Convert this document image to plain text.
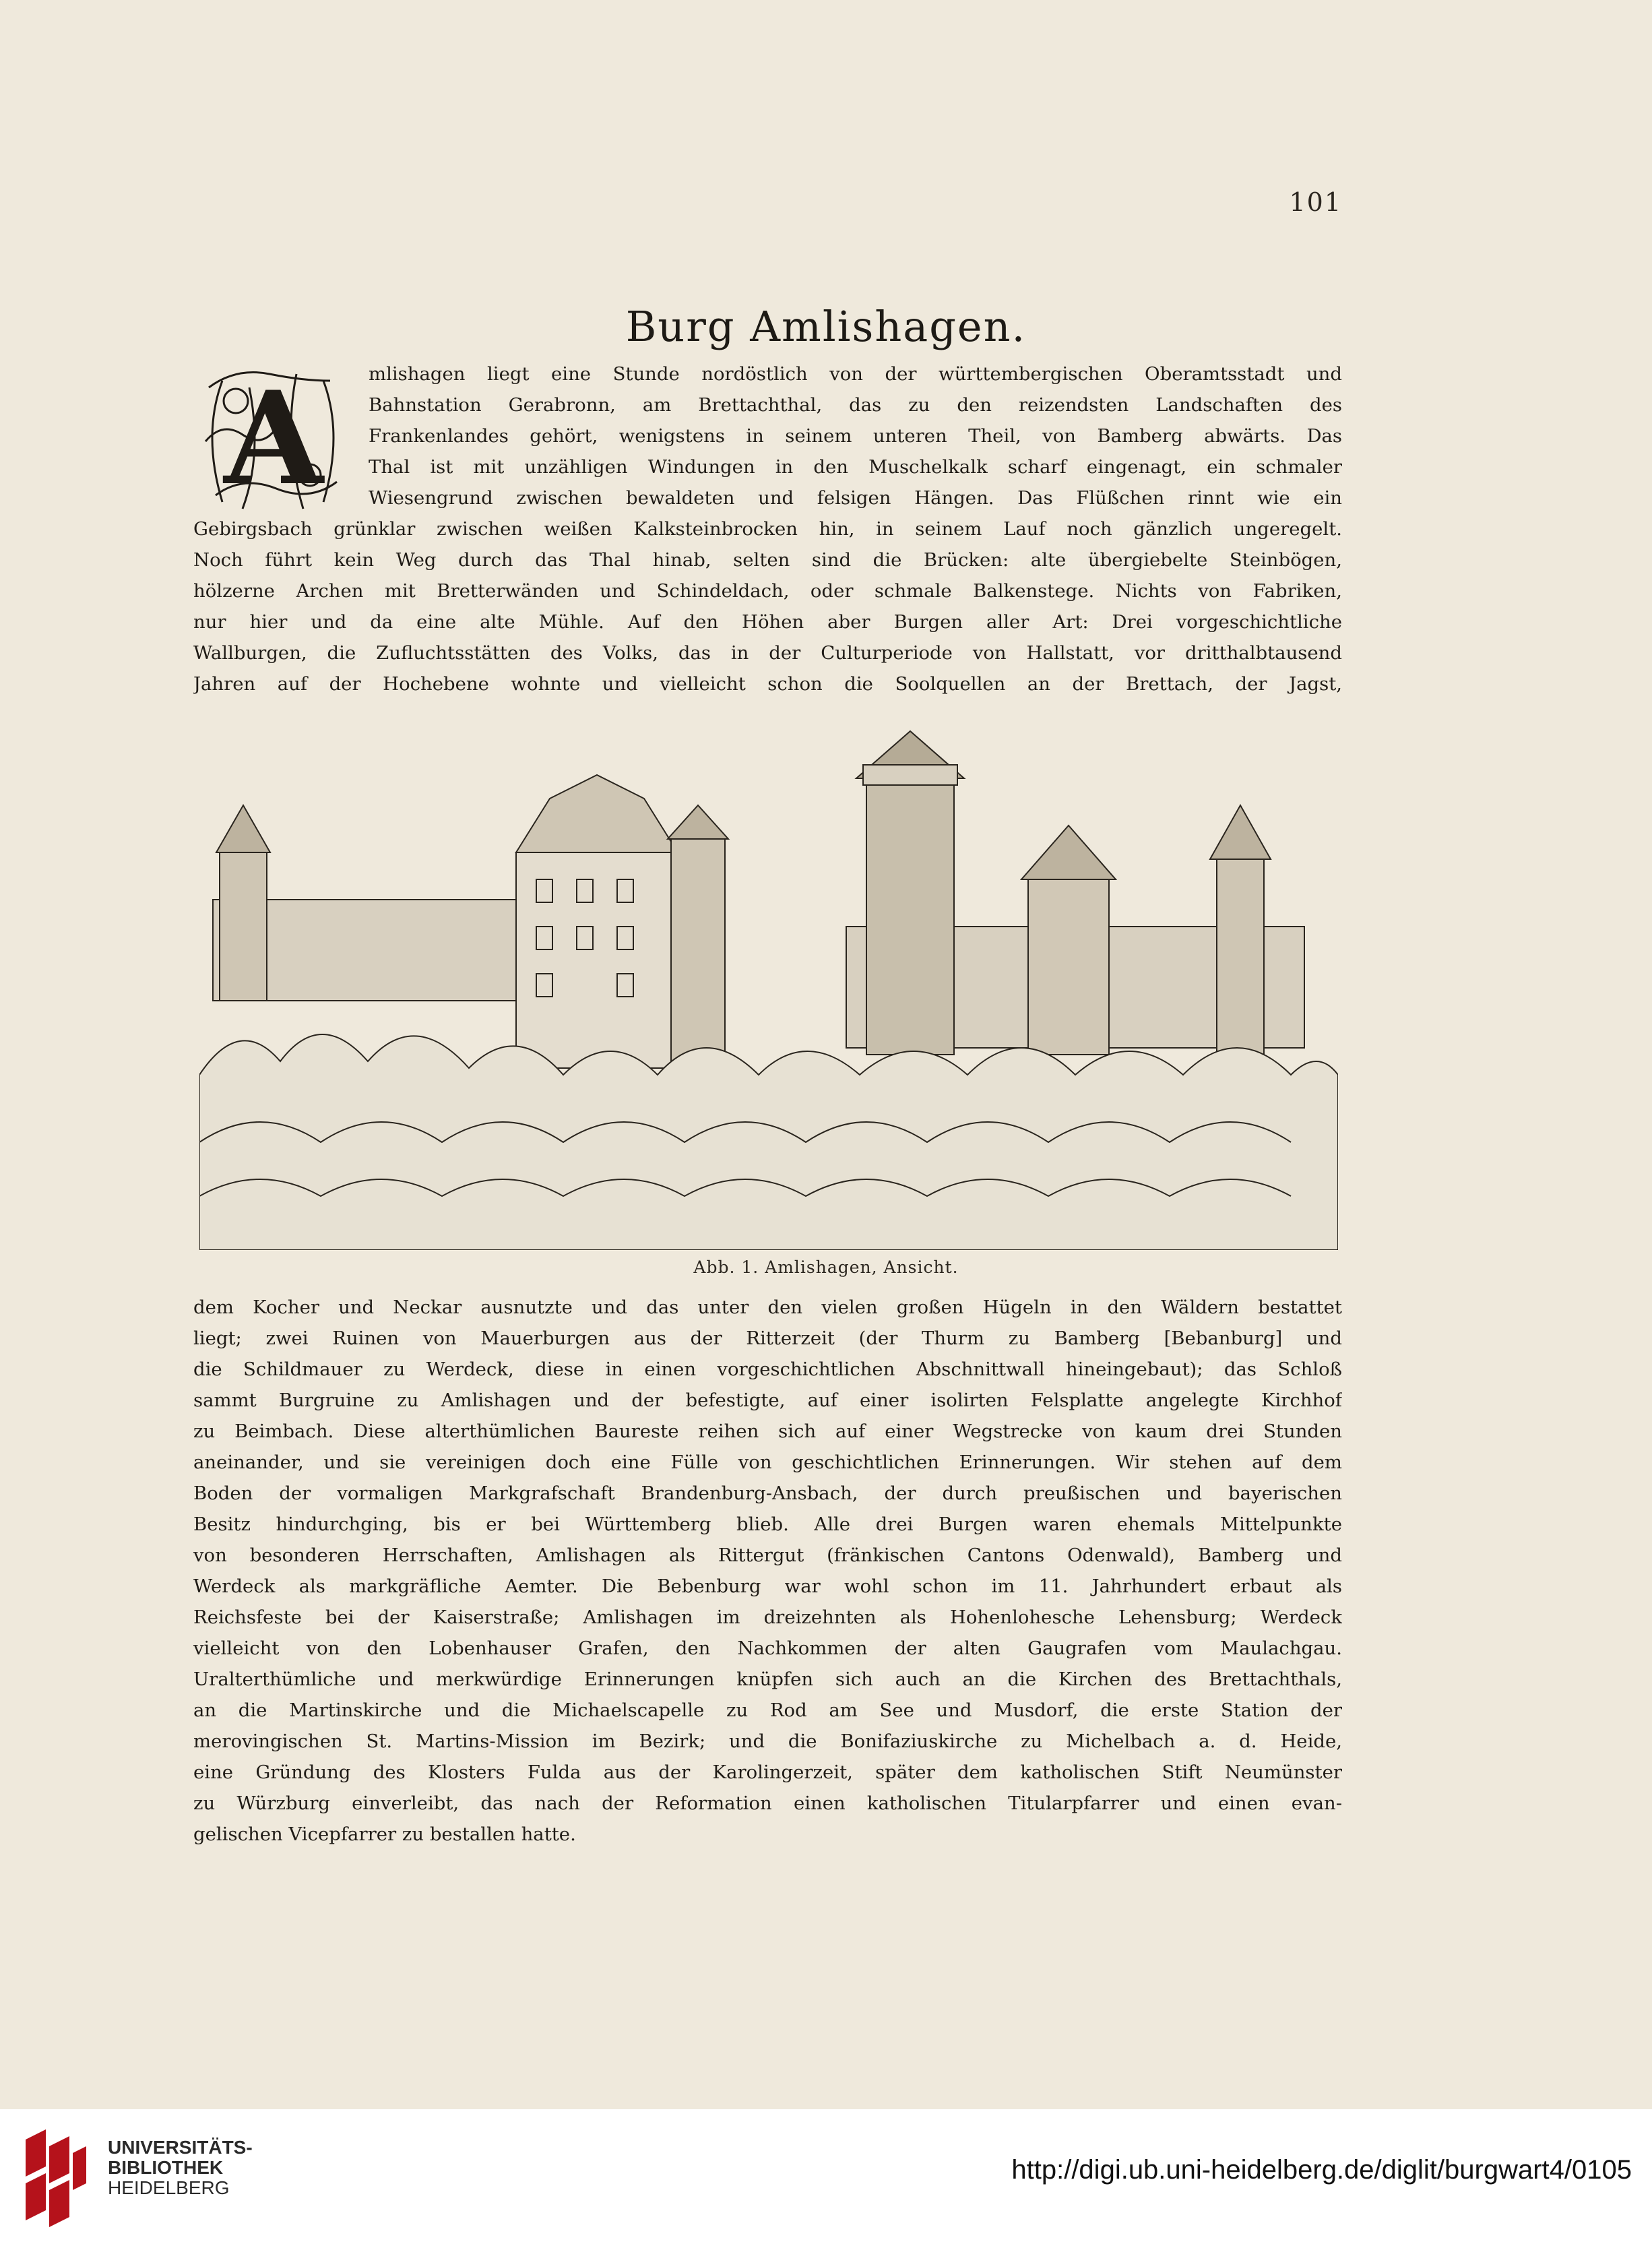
101
Burg Amlishagen.
A	mlishagen liegt eine Stunde nordöstlich von der württembergischen Oberamtsstadt und
Bahnstation Gerabronn, am Brettachthal, das zu den reizendsten Landschaften des
Frankenlandes gehört, wenigstens in seinem unteren Theil, von Bamberg abwärts. Das
Thal ist mit unzähligen Windungen in den Muschelkalk scharf eingenagt, ein schmaler
Wiesengrund zwischen bewaldeten und felsigen Hängen. Das Flüßchen rinnt wie ein
Gebirgsbach grünklar zwischen weißen Kalksteinbrocken hin, in seinem Lauf noch gänzlich ungeregelt.
Noch führt kein Weg durch das Thal hinab, selten sind die Brücken: alte übergiebelte Steinbögen,
hölzerne Archen mit Bretterwänden und Schindeldach, oder schmale Balkenstege. Nichts von Fabriken,
nur hier und da eine alte Mühle. Auf den Höhen aber Burgen aller Art: Drei vorgeschichtliche
Wallburgen, die Zufluchtsstätten des Volks, das in der Culturperiode von Hallstatt, vor dritthalbtausend
Jahren auf der Hochebene wohnte und vielleicht schon die Soolquellen an der Brettach, der Jagst,
Abb. 1. Amlishagen, Ansicht.
dem Kocher und Neckar ausnutzte und das unter den vielen großen Hügeln in den Wäldern bestattet
liegt; zwei Ruinen von Mauerburgen aus der Ritterzeit (der Thurm zu Bamberg [Bebanburg] und
die Schildmauer zu Werdeck, diese in einen vorgeschichtlichen Abschnittwall hineingebaut); das Schloß
sammt Burgruine zu Amlishagen und der befestigte, auf einer isolirten Felsplatte angelegte Kirchhof
zu Beimbach. Diese alterthümlichen Baureste reihen sich auf einer Wegstrecke von kaum drei Stunden
aneinander, und sie vereinigen doch eine Fülle von geschichtlichen Erinnerungen. Wir stehen auf dem
Boden der vormaligen Markgrafschaft Brandenburg-Ansbach, der durch preußischen und bayerischen
Besitz hindurchging, bis er bei Württemberg blieb. Alle drei Burgen waren ehemals Mittelpunkte
von besonderen Herrschaften, Amlishagen als Rittergut (fränkischen Cantons Odenwald), Bamberg und
Werdeck als markgräfliche Aemter. Die Bebenburg war wohl schon im 11. Jahrhundert erbaut als
Reichsfeste bei der Kaiserstraße; Amlishagen im dreizehnten als Hohenlohesche Lehensburg; Werdeck
vielleicht von den Lobenhauser Grafen, den Nachkommen der alten Gaugrafen vom Maulachgau.
Uralterthümliche und merkwürdige Erinnerungen knüpfen sich auch an die Kirchen des Brettachthals,
an die Martinskirche und die Michaelscapelle zu Rod am See und Musdorf, die erste Station der
merovingischen St. Martins-Mission im Bezirk; und die Bonifaziuskirche zu Michelbach a. d. Heide,
eine Gründung des Klosters Fulda aus der Karolingerzeit, später dem katholischen Stift Neumünster
zu Würzburg einverleibt, das nach der Reformation einen katholischen Titularpfarrer und einen evan-
gelischen Vicepfarrer zu bestallen hatte.
UNIVERSITÄTS-
BIBLIOTHEK
HEIDELBERG
http://digi.ub.uni-heidelberg.de/diglit/burgwart4/0105
